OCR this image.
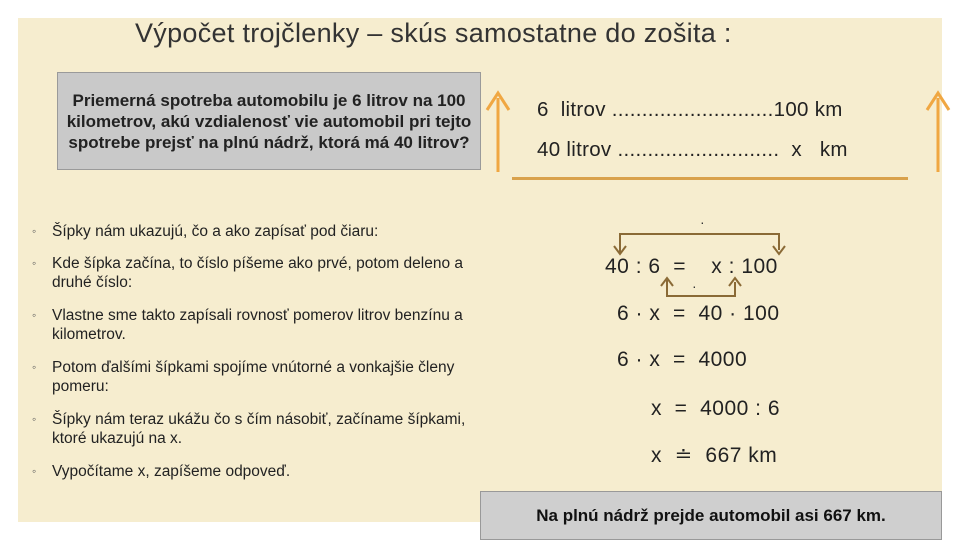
Výpočet trojčlenky – skús samostatne do zošita :
Priemerná spotreba automobilu je 6 litrov na 100 kilometrov, akú vzdialenosť vie automobil pri tejto spotrebe prejsť na plnú nádrž, ktorá má 40 litrov?
6  litrov ...........................100 km
40 litrov ...........................  x   km
◦ Šípky nám ukazujú, čo a ako zapísať pod čiaru:
◦ Kde šípka začína, to číslo píšeme ako prvé, potom deleno a druhé číslo:
◦ Vlastne sme takto zapísali rovnosť pomerov litrov benzínu a kilometrov.
◦ Potom ďalšími šípkami spojíme vnútorné a vonkajšie členy pomeru:
◦ Šípky nám teraz ukážu čo s čím násobiť, začíname šípkami, ktoré ukazujú na x.
◦ Vypočítame x, zapíšeme odpoveď.
·
·
40 : 6  =    x : 100
6 · x  =  40 · 100
6 · x  =  4000
x  =  4000 : 6
x  ≐  667 km
Na plnú nádrž prejde automobil asi 667 km.
